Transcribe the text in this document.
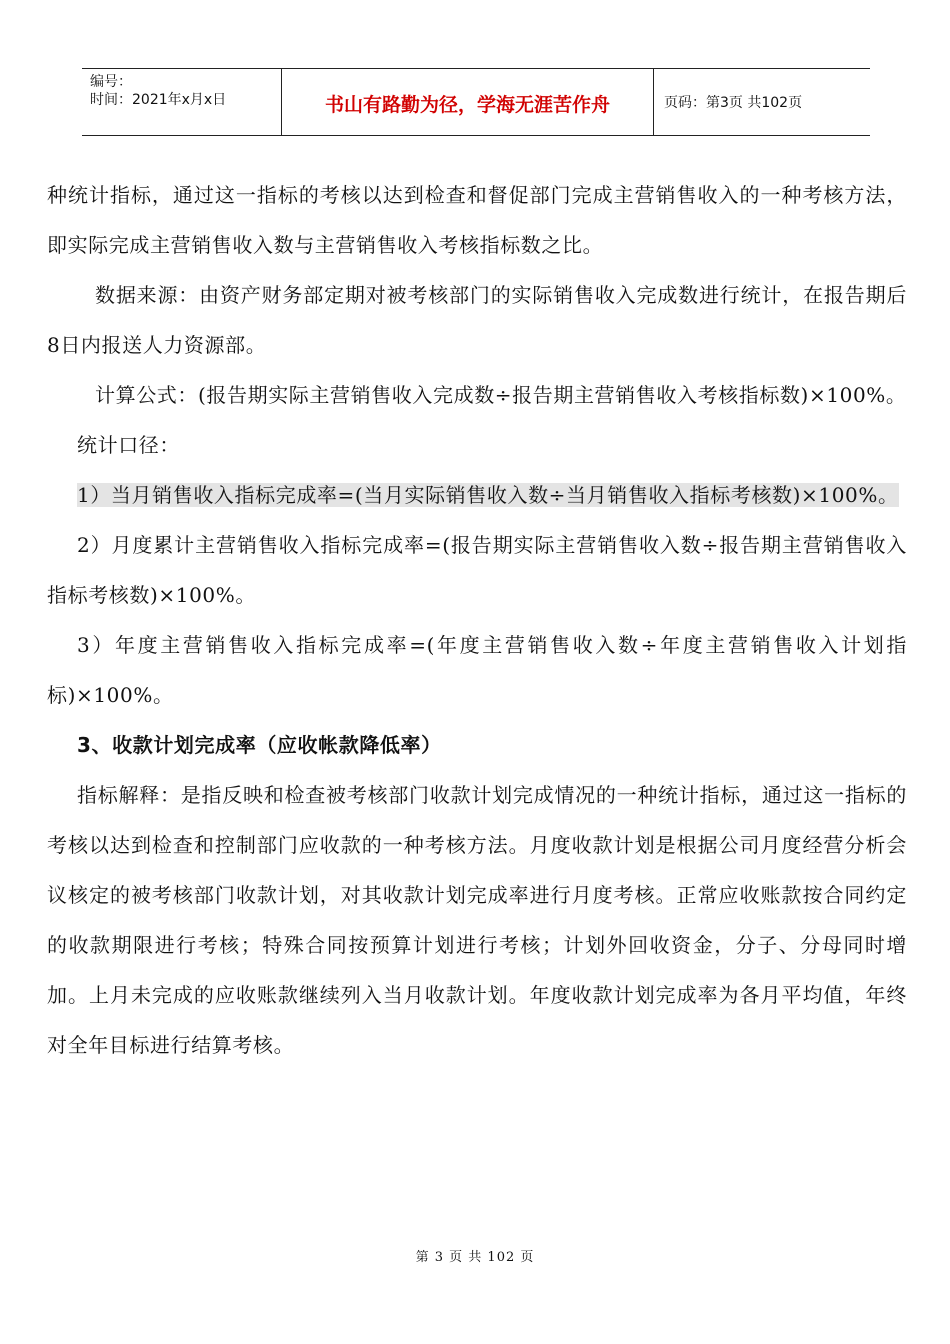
编号：
时间：2021年x月x日	书山有路勤为径，学海无涯苦作舟	页码：第3页 共102页

种统计指标，通过这一指标的考核以达到检查和督促部门完成主营销售收入的一种考核方法，即实际完成主营销售收入数与主营销售收入考核指标数之比。

数据来源：由资产财务部定期对被考核部门的实际销售收入完成数进行统计，在报告期后8日内报送人力资源部。

计算公式：(报告期实际主营销售收入完成数÷报告期主营销售收入考核指标数)×100%。

统计口径：

1）当月销售收入指标完成率=(当月实际销售收入数÷当月销售收入指标考核数)×100%。

2）月度累计主营销售收入指标完成率=(报告期实际主营销售收入数÷报告期主营销售收入指标考核数)×100%。

3）年度主营销售收入指标完成率=(年度主营销售收入数÷年度主营销售收入计划指标)×100%。

3、收款计划完成率（应收帐款降低率）

指标解释：是指反映和检查被考核部门收款计划完成情况的一种统计指标，通过这一指标的考核以达到检查和控制部门应收款的一种考核方法。月度收款计划是根据公司月度经营分析会议核定的被考核部门收款计划，对其收款计划完成率进行月度考核。正常应收账款按合同约定的收款期限进行考核；特殊合同按预算计划进行考核；计划外回收资金，分子、分母同时增加。上月未完成的应收账款继续列入当月收款计划。年度收款计划完成率为各月平均值，年终对全年目标进行结算考核。

第 3 页 共 102 页
